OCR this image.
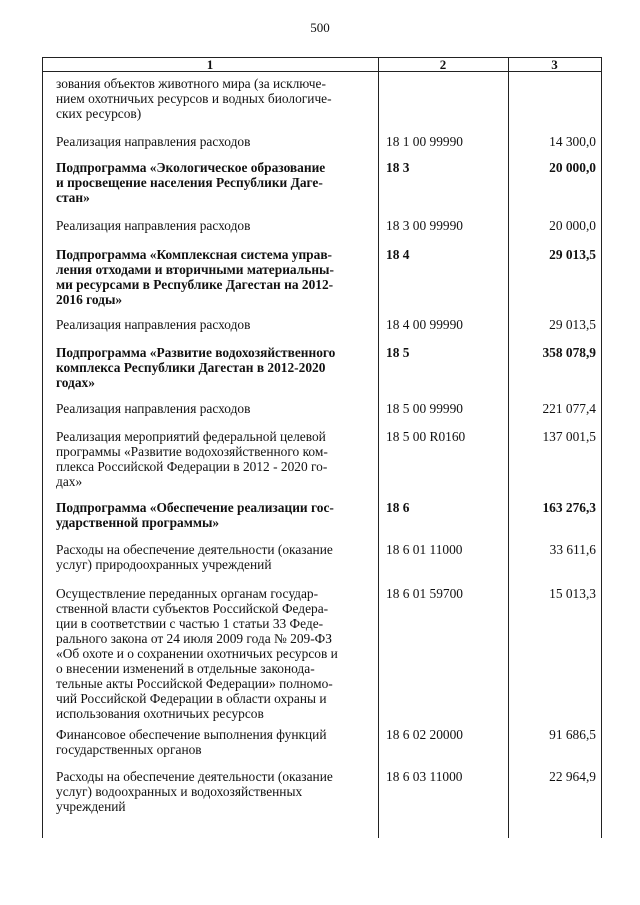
500
1	2	3
зования объектов животного мира (за исключе-
нием охотничьих ресурсов и водных биологиче-
ских ресурсов)
Реализация направления расходов	18 1 00 99990	14 300,0
Подпрограмма «Экологическое образование
и просвещение населения Республики Даге-
стан»
18 3	20 000,0
Реализация направления расходов	18 3 00 99990	20 000,0
Подпрограмма «Комплексная система управ-
ления отходами и вторичными материальны-
ми ресурсами в Республике Дагестан на 2012-
2016 годы»
18 4	29 013,5
Реализация направления расходов	18 4 00 99990	29 013,5
Подпрограмма «Развитие водохозяйственного
комплекса Республики Дагестан в 2012-2020
годах»
18 5	358 078,9
Реализация направления расходов	18 5 00 99990	221 077,4
Реализация мероприятий федеральной целевой
программы «Развитие водохозяйственного ком-
плекса Российской Федерации в 2012 - 2020 го-
дах»
18 5 00 R0160	137 001,5
Подпрограмма «Обеспечение реализации гос-
ударственной программы»
18 6	163 276,3
Расходы на обеспечение деятельности (оказание
услуг) природоохранных учреждений
18 6 01 11000	33 611,6
Осуществление переданных органам государ-
ственной власти субъектов Российской Федера-
ции в соответствии с частью 1 статьи 33 Феде-
рального закона от 24 июля 2009 года № 209-ФЗ
«Об охоте и о сохранении охотничьих ресурсов и
о внесении изменений в отдельные законода-
тельные акты Российской Федерации» полномо-
чий Российской Федерации в области охраны и
использования охотничьих ресурсов
18 6 01 59700	15 013,3
Финансовое обеспечение выполнения функций
государственных органов
18 6 02 20000	91 686,5
Расходы на обеспечение деятельности (оказание
услуг) водоохранных и водохозяйственных
учреждений
18 6 03 11000	22 964,9
